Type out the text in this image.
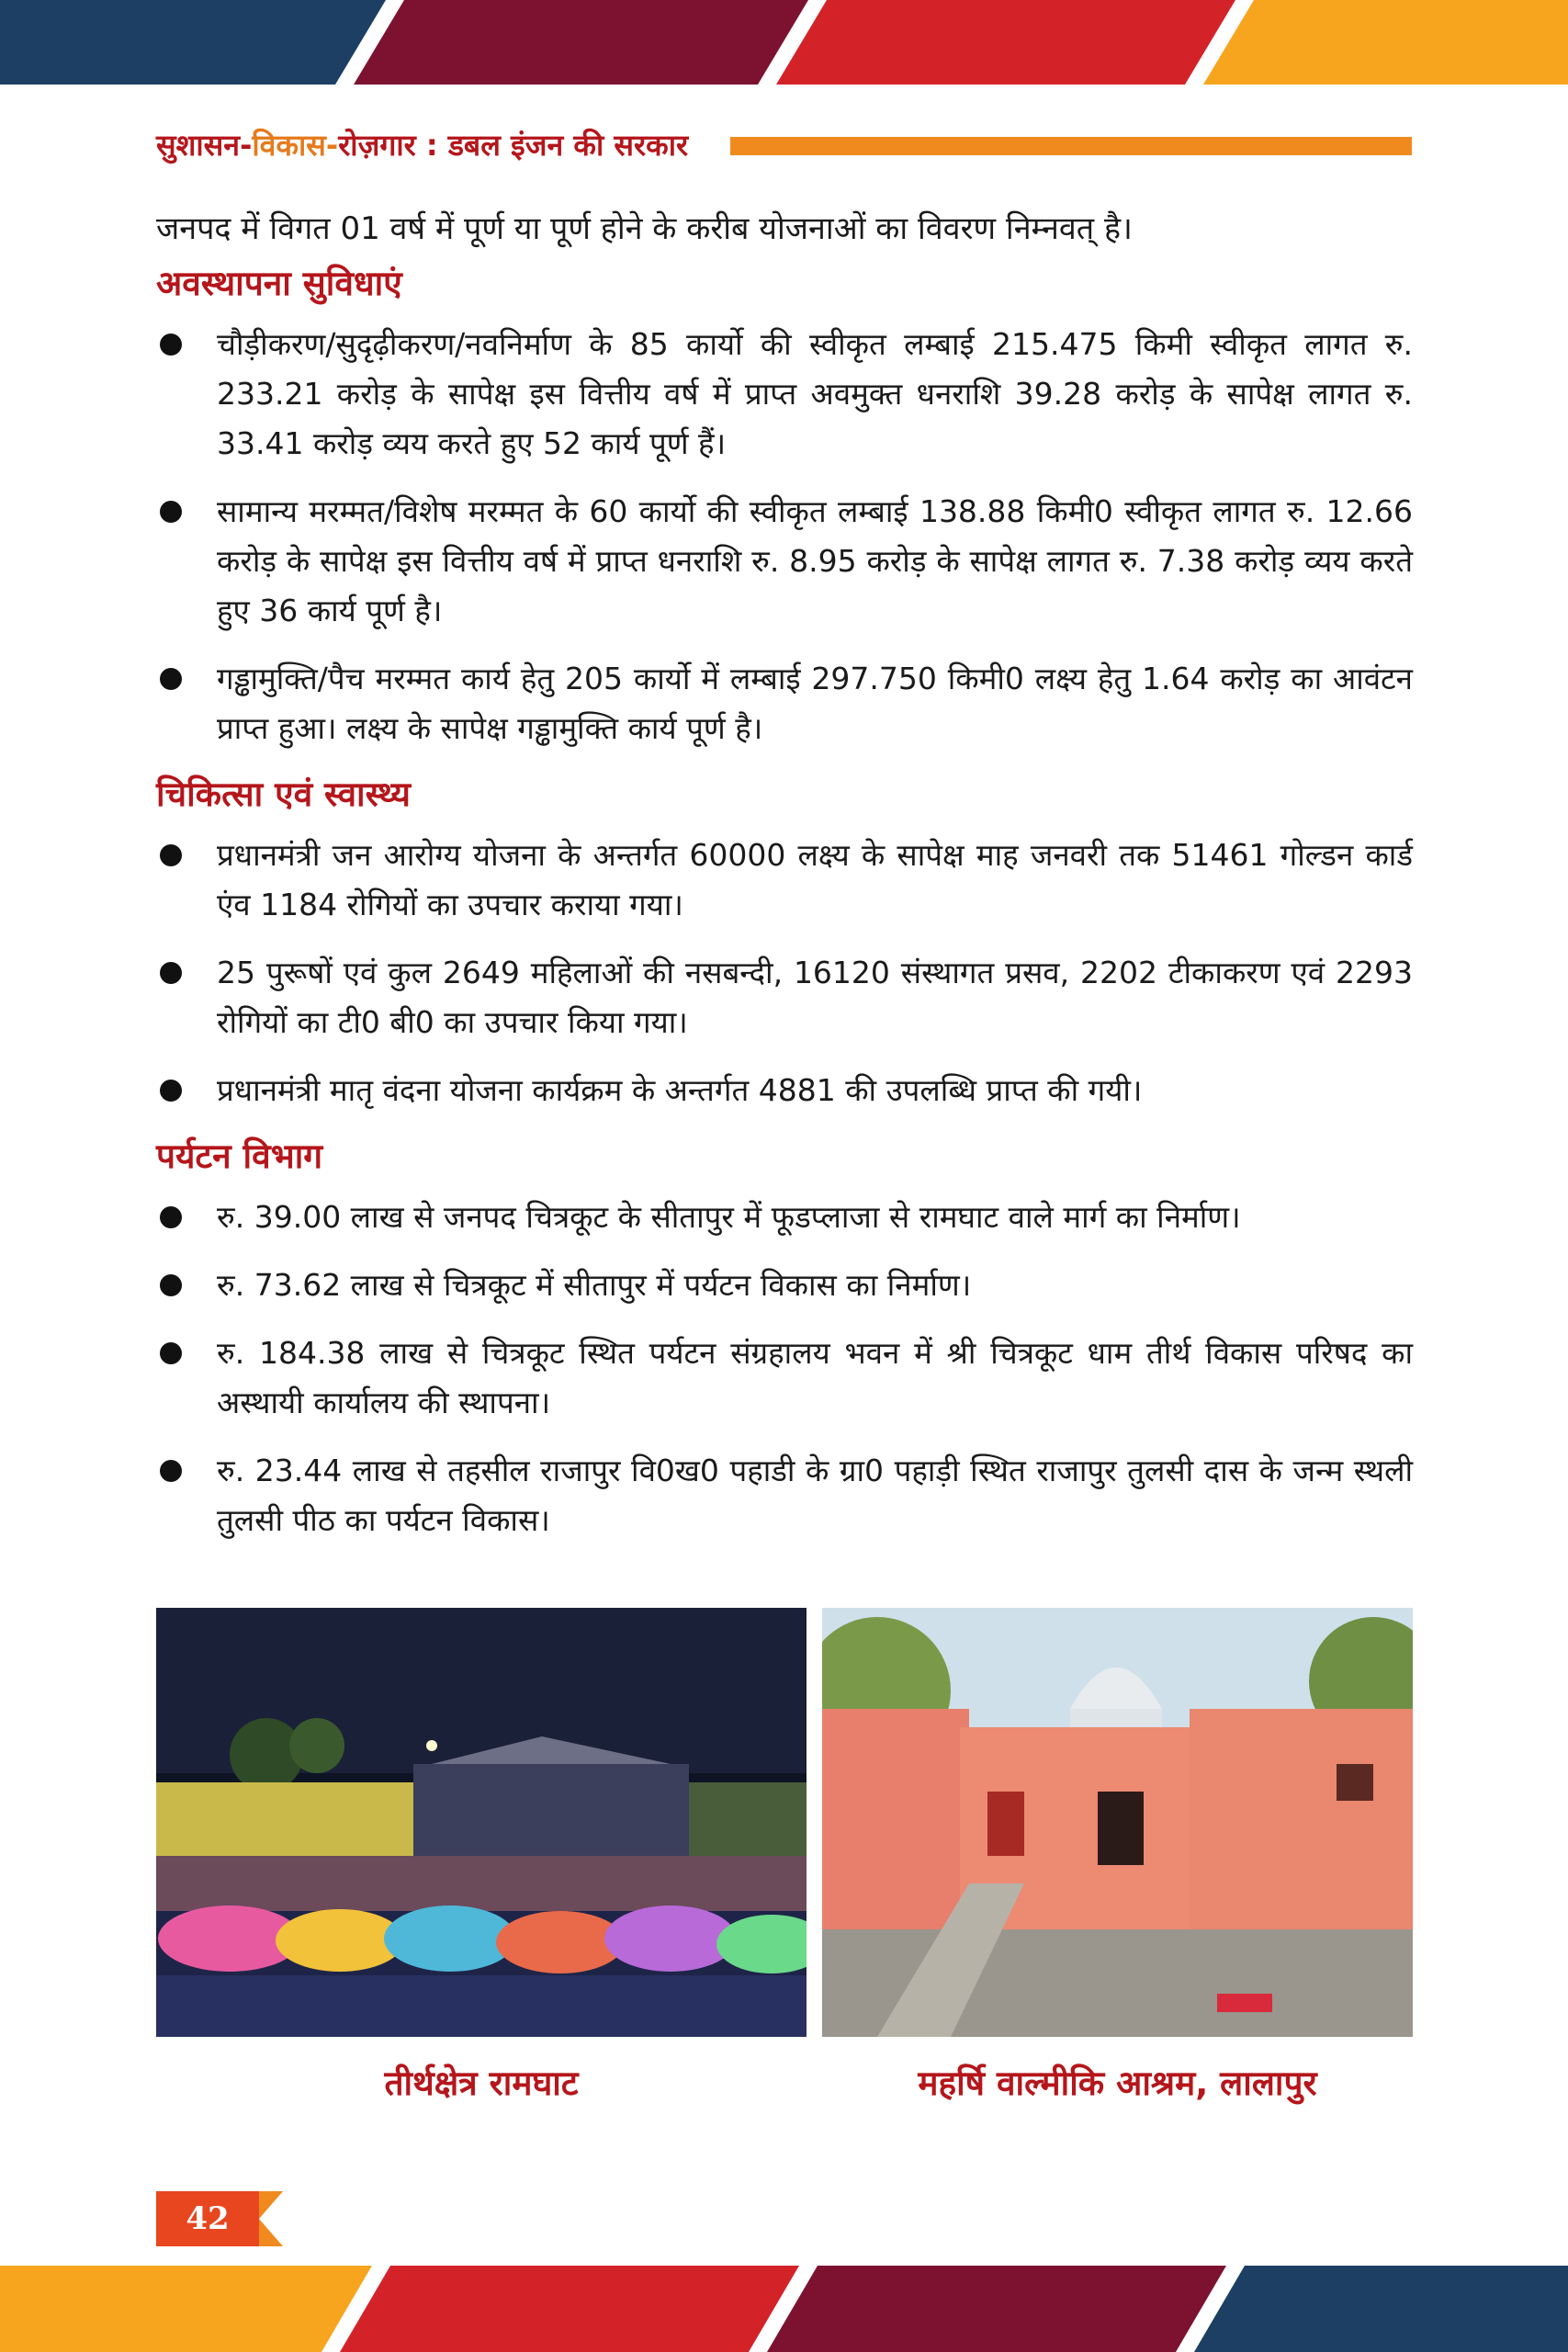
सुशासन-विकास-रोज़गार : डबल इंजन की सरकार

जनपद में विगत 01 वर्ष में पूर्ण या पूर्ण होने के करीब योजनाओं का विवरण निम्नवत् है।

अवस्थापना सुविधाएं
चौड़ीकरण/सुदृढ़ीकरण/नवनिर्माण के 85 कार्यो की स्वीकृत लम्बाई 215.475 किमी स्वीकृत लागत रु. 233.21 करोड़ के सापेक्ष इस वित्तीय वर्ष में प्राप्त अवमुक्त धनराशि 39.28 करोड़ के सापेक्ष लागत रु. 33.41 करोड़ व्यय करते हुए 52 कार्य पूर्ण हैं।
सामान्य मरम्मत/विशेष मरम्मत के 60 कार्यो की स्वीकृत लम्बाई 138.88 किमी0 स्वीकृत लागत रु. 12.66 करोड़ के सापेक्ष इस वित्तीय वर्ष में प्राप्त धनराशि रु. 8.95 करोड़ के सापेक्ष लागत रु. 7.38 करोड़ व्यय करते हुए 36 कार्य पूर्ण है।
गड्ढामुक्ति/पैच मरम्मत कार्य हेतु 205 कार्यो में लम्बाई 297.750 किमी0 लक्ष्य हेतु 1.64 करोड़ का आवंटन प्राप्त हुआ। लक्ष्य के सापेक्ष गड्ढामुक्ति कार्य पूर्ण है।
चिकित्सा एवं स्वास्थ्य
प्रधानमंत्री जन आरोग्य योजना के अन्तर्गत 60000 लक्ष्य के सापेक्ष माह जनवरी तक 51461 गोल्डन कार्ड एंव 1184 रोगियों का उपचार कराया गया।
25 पुरूषों एवं कुल 2649 महिलाओं की नसबन्दी, 16120 संस्थागत प्रसव, 2202 टीकाकरण एवं 2293 रोगियों का टी0 बी0 का उपचार किया गया।
प्रधानमंत्री मातृ वंदना योजना कार्यक्रम के अन्तर्गत 4881 की उपलब्धि प्राप्त की गयी।
पर्यटन विभाग
रु. 39.00 लाख से जनपद चित्रकूट के सीतापुर में फूडप्लाजा से रामघाट वाले मार्ग का निर्माण।
रु. 73.62 लाख से चित्रकूट में सीतापुर में पर्यटन विकास का निर्माण।
रु. 184.38 लाख से चित्रकूट स्थित पर्यटन संग्रहालय भवन में श्री चित्रकूट धाम तीर्थ विकास परिषद का अस्थायी कार्यालय की स्थापना।
रु. 23.44 लाख से तहसील राजापुर वि0ख0 पहाडी के ग्रा0 पहाड़ी स्थित राजापुर तुलसी दास के जन्म स्थली तुलसी पीठ का पर्यटन विकास।
तीर्थक्षेत्र रामघाट	महर्षि वाल्मीकि आश्रम, लालापुर
42
